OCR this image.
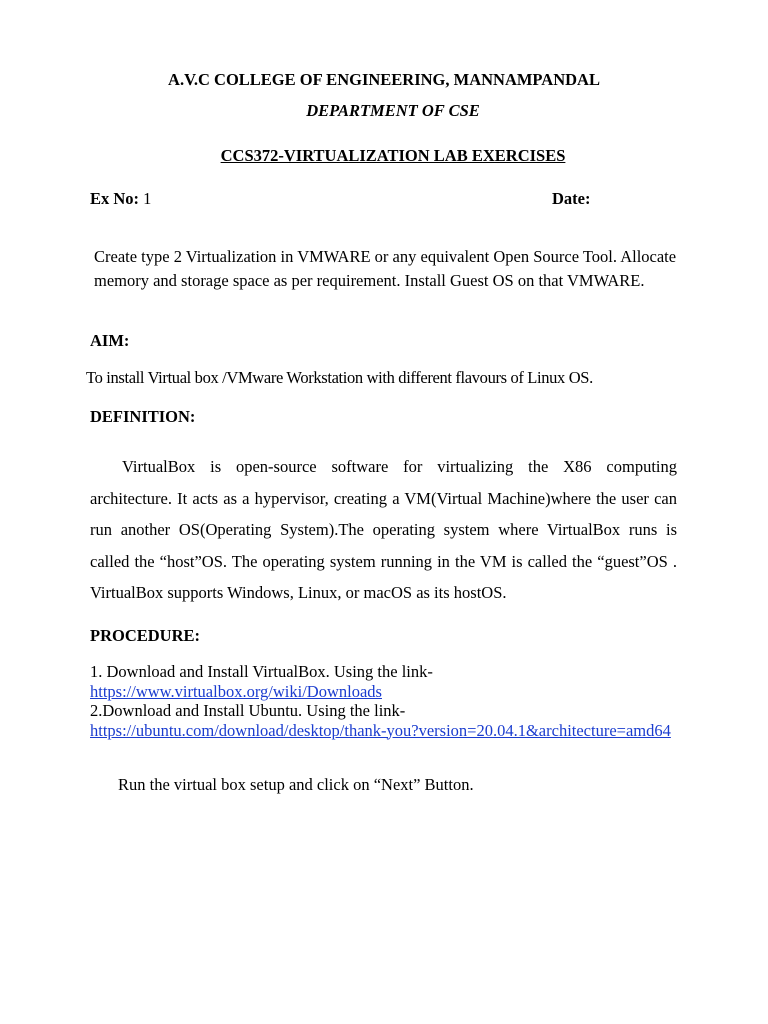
A.V.C COLLEGE OF ENGINEERING, MANNAMPANDAL
DEPARTMENT OF CSE
CCS372-VIRTUALIZATION LAB EXERCISES
Ex No: 1	Date:
Create type 2 Virtualization in VMWARE or any equivalent Open Source Tool. Allocate memory and storage space as per requirement. Install Guest OS on that VMWARE.
AIM:
To install Virtual box /VMware Workstation with different flavours of Linux OS.
DEFINITION:
VirtualBox is open-source software for virtualizing the X86 computing architecture. It acts as a hypervisor, creating a VM(Virtual Machine)where the user can run another OS(Operating System).The operating system where VirtualBox runs is called the “host”OS. The operating system running in the VM is called the “guest”OS . VirtualBox supports Windows, Linux, or macOS as its hostOS.
PROCEDURE:
1. Download and Install VirtualBox. Using the link-
https://www.virtualbox.org/wiki/Downloads
2.Download and Install Ubuntu. Using the link-
https://ubuntu.com/download/desktop/thank-you?version=20.04.1&architecture=amd64
Run the virtual box setup and click on “Next” Button.
